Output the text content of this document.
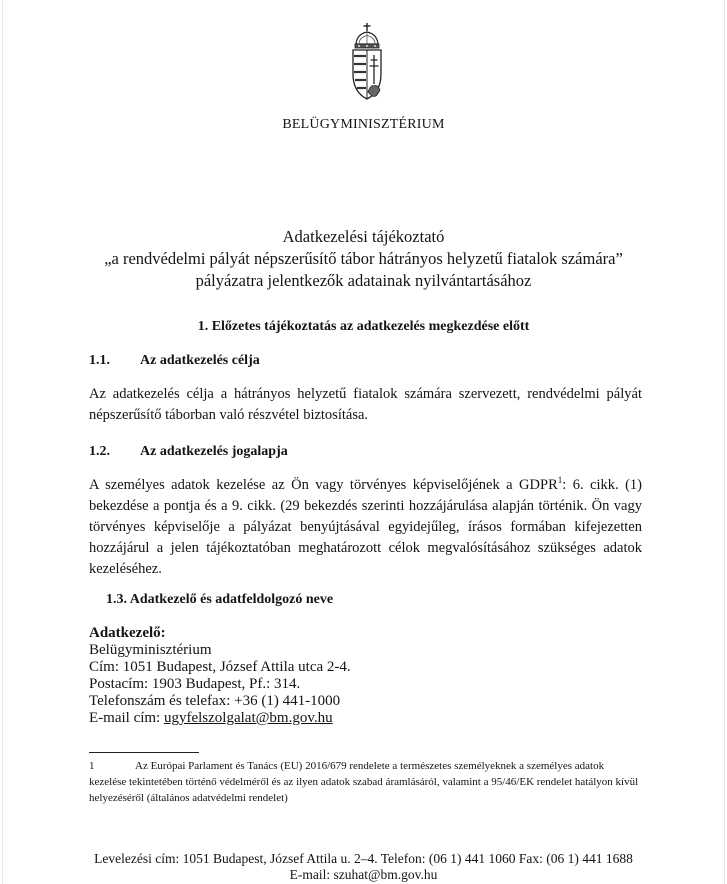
BELÜGYMINISZTÉRIUM
Adatkezelési tájékoztató
„a rendvédelmi pályát népszerűsítő tábor hátrányos helyzetű fiatalok számára”
pályázatra jelentkezők adatainak nyilvántartásához
1. Előzetes tájékoztatás az adatkezelés megkezdése előtt
1.1. Az adatkezelés célja
Az adatkezelés célja a hátrányos helyzetű fiatalok számára szervezett, rendvédelmi pályát
népszerűsítő táborban való részvétel biztosítása.
1.2. Az adatkezelés jogalapja
A személyes adatok kezelése az Ön vagy törvényes képviselőjének a GDPR$^1$: 6. cikk. (1)
bekezdése a pontja és a 9. cikk. (29 bekezdés szerinti hozzájárulása alapján történik. Ön vagy
törvényes képviselője a pályázat benyújtásával egyidejűleg, írásos formában kifejezetten
hozzájárul a jelen tájékoztatóban meghatározott célok megvalósításához szükséges adatok
kezeléséhez.
1.3. Adatkezelő és adatfeldolgozó neve
Adatkezelő:
Belügyminisztérium
Cím: 1051 Budapest, József Attila utca 2-4.
Postacím: 1903 Budapest, Pf.: 314.
Telefonszám és telefax: +36 (1) 441-1000
E-mail cím: ugyfelszolgalat@bm.gov.hu
1	Az Európai Parlament és Tanács (EU) 2016/679 rendelete a természetes személyeknek a személyes adatok kezelése tekintetében történő védelméről és az ilyen adatok szabad áramlásáról, valamint a 95/46/EK rendelet hatályon kívül helyezéséről (általános adatvédelmi rendelet)
Levelezési cím: 1051 Budapest, József Attila u. 2–4. Telefon: (06 1) 441 1060 Fax: (06 1) 441 1688
E-mail: szuhat@bm.gov.hu
